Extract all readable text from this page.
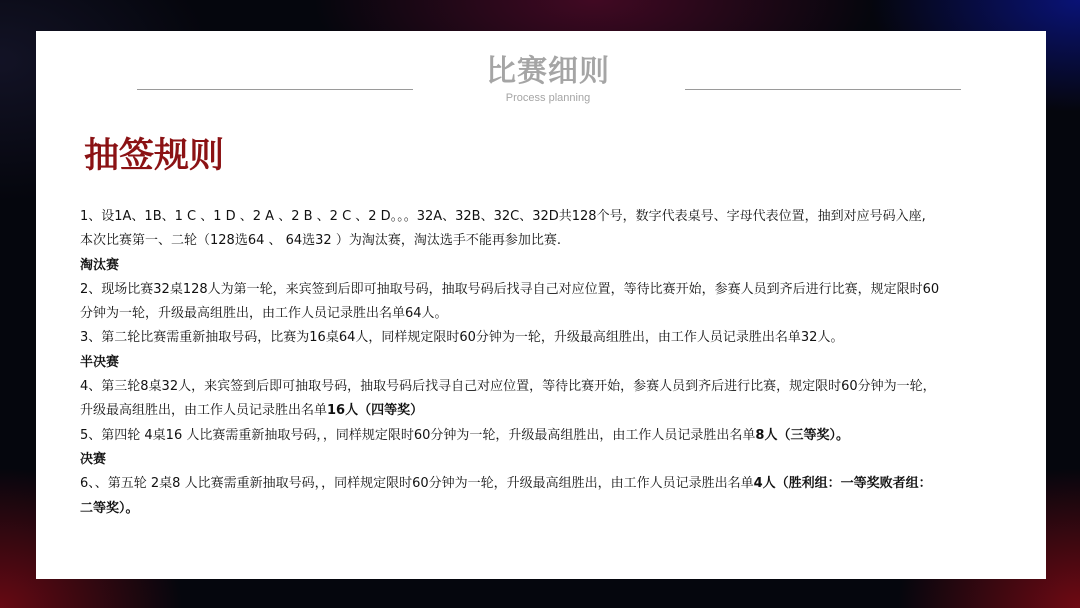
比赛细则
Process planning
抽签规则

1、设1A、1B、1 C 、1 D 、2 A 、2 B 、2 C 、2 D。。。32A、32B、32C、32D共128个号，数字代表桌号、字母代表位置，抽到对应号码入座,

本次比赛第一、二轮（128选64 、 64选32 ）为淘汰赛，淘汰选手不能再参加比赛.

淘汰赛

2、现场比赛32桌128人为第一轮，来宾签到后即可抽取号码，抽取号码后找寻自己对应位置，等待比赛开始，参赛人员到齐后进行比赛，规定限时60

分钟为一轮，升级最高组胜出，由工作人员记录胜出名单64人。

3、第二轮比赛需重新抽取号码，比赛为16桌64人，同样规定限时60分钟为一轮，升级最高组胜出，由工作人员记录胜出名单32人。

半决赛

4、第三轮8桌32人，来宾签到后即可抽取号码，抽取号码后找寻自己对应位置，等待比赛开始，参赛人员到齐后进行比赛，规定限时60分钟为一轮，

升级最高组胜出，由工作人员记录胜出名单16人（四等奖）

5、第四轮 4桌16 人比赛需重新抽取号码，，同样规定限时60分钟为一轮，升级最高组胜出，由工作人员记录胜出名单8人（三等奖）。

决赛

6、、第五轮 2桌8 人比赛需重新抽取号码，，同样规定限时60分钟为一轮，升级最高组胜出，由工作人员记录胜出名单4人（胜利组：一等奖败者组：

二等奖）。
